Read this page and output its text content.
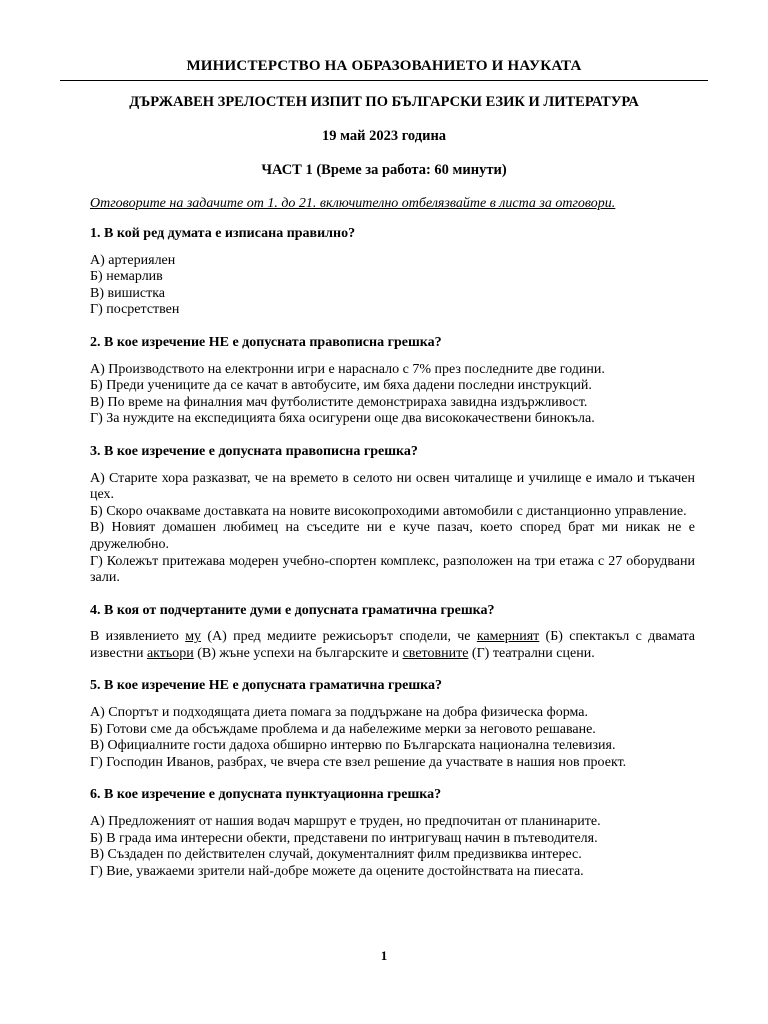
МИНИСТЕРСТВО НА ОБРАЗОВАНИЕТО И НАУКАТА
ДЪРЖАВЕН ЗРЕЛОСТЕН ИЗПИТ ПО БЪЛГАРСКИ ЕЗИК И ЛИТЕРАТУРА
19 май 2023 година
ЧАСТ 1 (Време за работа: 60 минути)
Отговорите на задачите от 1. до 21. включително отбелязвайте в листа за отговори.
1. В кой ред думата е изписана правилно?
А) артериялен
Б) немарлив
В) вишистка
Г) посретствен
2. В кое изречение НЕ е допусната правописна грешка?
А) Производството на електронни игри е нараснало с 7% през последните две години.
Б) Преди учениците да се качат в автобусите, им бяха дадени последни инструкций.
В) По време на финалния мач футболистите демонстрираха завидна издържливост.
Г) За нуждите на експедицията бяха осигурени още два висококачествени бинокъла.
3. В кое изречение е допусната правописна грешка?
А) Старите хора разказват, че на времето в селото ни освен читалище и училище е имало и тъкачен цех.
Б) Скоро очакваме доставката на новите високопроходими автомобили с дистанционно управление.
В) Новият домашен любимец на съседите ни е куче пазач, което според брат ми никак не е дружелюбно.
Г) Колежът притежава модерен учебно-спортен комплекс, разположен на три етажа с 27 оборудвани зали.
4. В коя от подчертаните думи е допусната граматична грешка?
В изявлението му (А) пред медиите режисьорът сподели, че камерният (Б) спектакъл с двамата известни актьори (В) жъне успехи на българските и световните (Г) театрални сцени.
5. В кое изречение НЕ е допусната граматична грешка?
А) Спортът и подходящата диета помага за поддържане на добра физическа форма.
Б) Готови сме да обсъждаме проблема и да набележиме мерки за неговото решаване.
В) Официалните гости дадоха обширно интервю по Българската национална телевизия.
Г) Господин Иванов, разбрах, че вчера сте взел решение да участвате в нашия нов проект.
6. В кое изречение е допусната пунктуационна грешка?
А) Предложеният от нашия водач маршрут е труден, но предпочитан от планинарите.
Б) В града има интересни обекти, представени по интригуващ начин в пътеводителя.
В) Създаден по действителен случай, документалният филм предизвиква интерес.
Г) Вие, уважаеми зрители най-добре можете да оцените достойнствата на пиесата.
1
